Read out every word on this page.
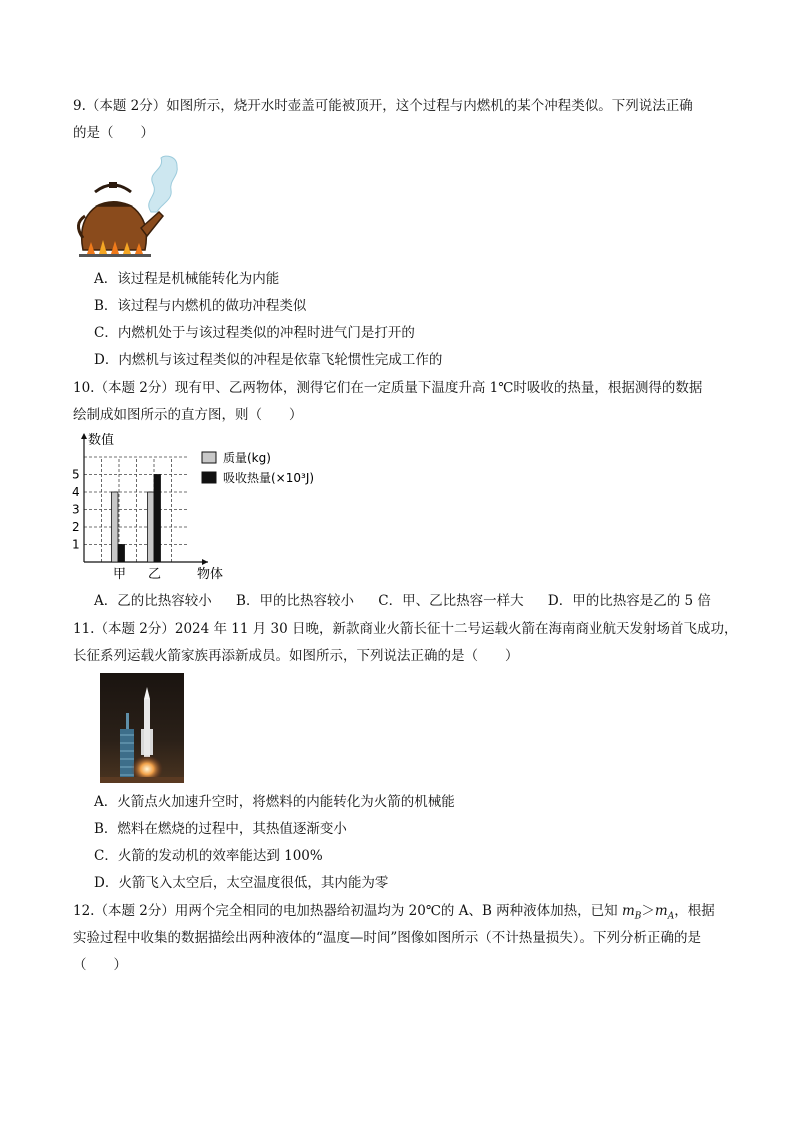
9.（本题 2分）如图所示，烧开水时壶盖可能被顶开，这个过程与内燃机的某个冲程类似。下列说法正确
的是（　　）
A．该过程是机械能转化为内能
B．该过程与内燃机的做功冲程类似
C．内燃机处于与该过程类似的冲程时进气门是打开的
D．内燃机与该过程类似的冲程是依靠飞轮惯性完成工作的
10.（本题 2分）现有甲、乙两物体，测得它们在一定质量下温度升高 1℃时吸收的热量，根据测得的数据
绘制成如图所示的直方图，则（　　）
数值
物体
甲 乙
质量(kg)
吸收热量(×10³J)
1
2
3
4
5
A．乙的比热容较小 B．甲的比热容较小 C．甲、乙比热容一样大 D．甲的比热容是乙的 5 倍
11.（本题 2分）2024 年 11 月 30 日晚，新款商业火箭长征十二号运载火箭在海南商业航天发射场首飞成功，
长征系列运载火箭家族再添新成员。如图所示，下列说法正确的是（　　）
A．火箭点火加速升空时，将燃料的内能转化为火箭的机械能
B．燃料在燃烧的过程中，其热值逐渐变小
C．火箭的发动机的效率能达到 100%
D．火箭飞入太空后，太空温度很低，其内能为零
12.（本题 2分）用两个完全相同的电加热器给初温均为 20℃的 A、B 两种液体加热，已知 $m_B>m_A$，根据
实验过程中收集的数据描绘出两种液体的“温度—时间”图像如图所示（不计热量损失）。下列分析正确的是
（　　）
